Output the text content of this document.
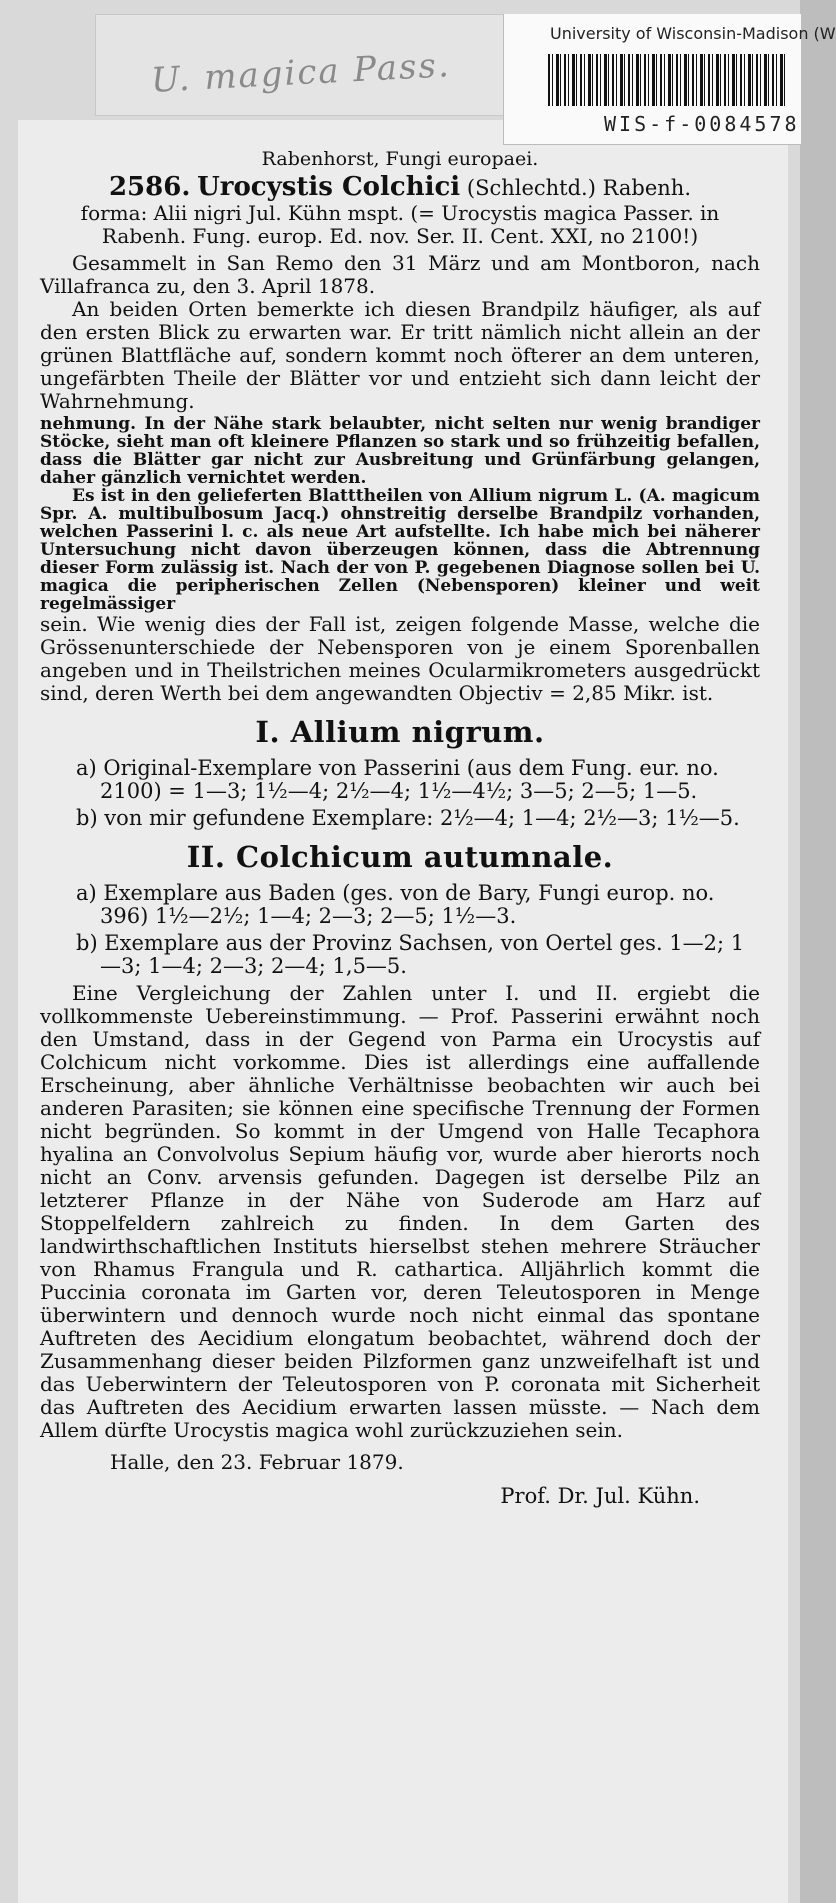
U. magica Pass.
University of Wisconsin-Madison (W
WIS-f-0084578
Rabenhorst, Fungi europaei.
2586. Urocystis Colchici (Schlechtd.) Rabenh.

forma: Alii nigri Jul. Kühn mspt. (= Urocystis magica Passer. in Rabenh. Fung. europ. Ed. nov. Ser. II. Cent. XXI, no 2100!)

Gesammelt in San Remo den 31 März und am Montboron, nach Villafranca zu, den 3. April 1878.

An beiden Orten bemerkte ich diesen Brandpilz häufiger, als auf den ersten Blick zu erwarten war. Er tritt nämlich nicht allein an der grünen Blattfläche auf, sondern kommt noch öfterer an dem unteren, ungefärbten Theile der Blätter vor und entzieht sich dann leicht der Wahrnehmung.

nehmung. In der Nähe stark belaubter, nicht selten nur wenig brandiger Stöcke, sieht man oft kleinere Pflanzen so stark und so frühzeitig befallen, dass die Blätter gar nicht zur Ausbreitung und Grünfärbung gelangen, daher gänzlich vernichtet werden.

Es ist in den gelieferten Blatttheilen von Allium nigrum L. (A. magicum Spr. A. multibulbosum Jacq.) ohnstreitig derselbe Brandpilz vorhanden, welchen Passerini l. c. als neue Art aufstellte. Ich habe mich bei näherer Untersuchung nicht davon überzeugen können, dass die Abtrennung dieser Form zulässig ist. Nach der von P. gegebenen Diagnose sollen bei U. magica die peripherischen Zellen (Nebensporen) kleiner und weit regelmässiger

sein. Wie wenig dies der Fall ist, zeigen folgende Masse, welche die Grössenunterschiede der Nebensporen von je einem Sporenballen angeben und in Theilstrichen meines Ocularmikrometers ausgedrückt sind, deren Werth bei dem angewandten Objectiv = 2,85 Mikr. ist.

I. Allium nigrum.
a) Original-Exemplare von Passerini (aus dem Fung. eur. no. 2100) = 1—3; 1½—4; 2½—4; 1½—4½; 3—5; 2—5; 1—5.
b) von mir gefundene Exemplare: 2½—4; 1—4; 2½—3; 1½—5.
II. Colchicum autumnale.
a) Exemplare aus Baden (ges. von de Bary, Fungi europ. no. 396) 1½—2½; 1—4; 2—3; 2—5; 1½—3.
b) Exemplare aus der Provinz Sachsen, von Oertel ges. 1—2; 1—3; 1—4; 2—3; 2—4; 1,5—5.

Eine Vergleichung der Zahlen unter I. und II. ergiebt die vollkommenste Uebereinstimmung. — Prof. Passerini erwähnt noch den Umstand, dass in der Gegend von Parma ein Urocystis auf Colchicum nicht vorkomme. Dies ist allerdings eine auffallende Erscheinung, aber ähnliche Verhältnisse beobachten wir auch bei anderen Parasiten; sie können eine specifische Trennung der Formen nicht begründen. So kommt in der Umgend von Halle Tecaphora hyalina an Convolvolus Sepium häufig vor, wurde aber hierorts noch nicht an Conv. arvensis gefunden. Dagegen ist derselbe Pilz an letzterer Pflanze in der Nähe von Suderode am Harz auf Stoppelfeldern zahlreich zu finden. In dem Garten des landwirthschaftlichen Instituts hierselbst stehen mehrere Sträucher von Rhamus Frangula und R. cathartica. Alljährlich kommt die Puccinia coronata im Garten vor, deren Teleutosporen in Menge überwintern und dennoch wurde noch nicht einmal das spontane Auftreten des Aecidium elongatum beobachtet, während doch der Zusammenhang dieser beiden Pilzformen ganz unzweifelhaft ist und das Ueberwintern der Teleutosporen von P. coronata mit Sicherheit das Auftreten des Aecidium erwarten lassen müsste. — Nach dem Allem dürfte Urocystis magica wohl zurückzuziehen sein.

Halle, den 23. Februar 1879.
Prof. Dr. Jul. Kühn.
